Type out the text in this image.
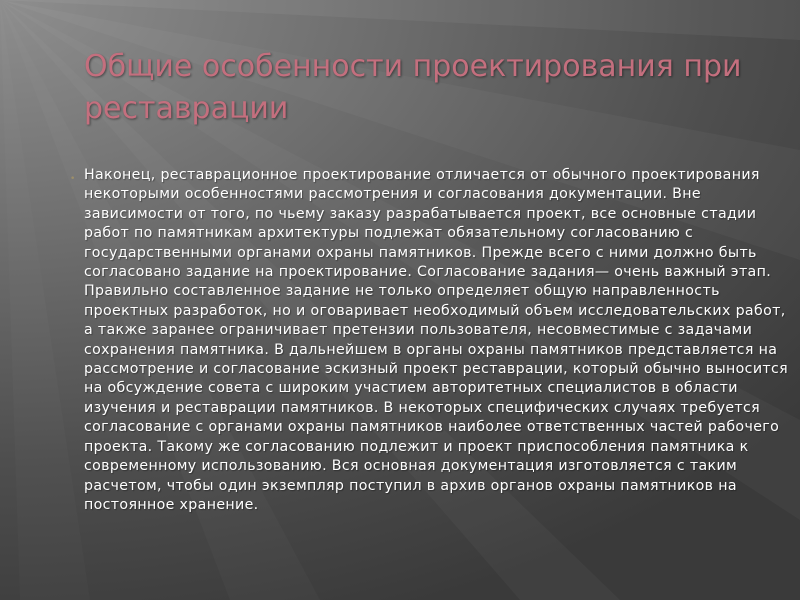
Общие особенности проектирования при реставрации
• Наконец, реставрационное проектирование отличается от обычного проектирования некоторыми особенностями рассмотрения и согласования документации. Вне зависимости от того, по чьему заказу разрабатывается проект, все основные стадии работ по памятникам архитектуры подлежат обязательному согласованию с государственными органами охраны памятников. Прежде всего с ними должно быть согласовано задание на проектирование. Согласование задания— очень важный этап. Правильно составленное задание не только определяет общую направленность проектных разработок, но и оговаривает необходимый объем исследовательских работ, а также заранее ограничивает претензии пользователя, несовместимые с задачами сохранения памятника. В дальнейшем в органы охраны памятников представляется на рассмотрение и согласование эскизный проект реставрации, который обычно выносится на обсуждение совета с широким участием авторитетных специалистов в области изучения и реставрации памятников. В некоторых специфических случаях требуется согласование с органами охраны памятников наиболее ответственных частей рабочего проекта. Такому же согласованию подлежит и проект приспособления памятника к современному использованию. Вся основная документация изготовляется с таким расчетом, чтобы один экземпляр поступил в архив органов охраны памятников на постоянное хранение.
